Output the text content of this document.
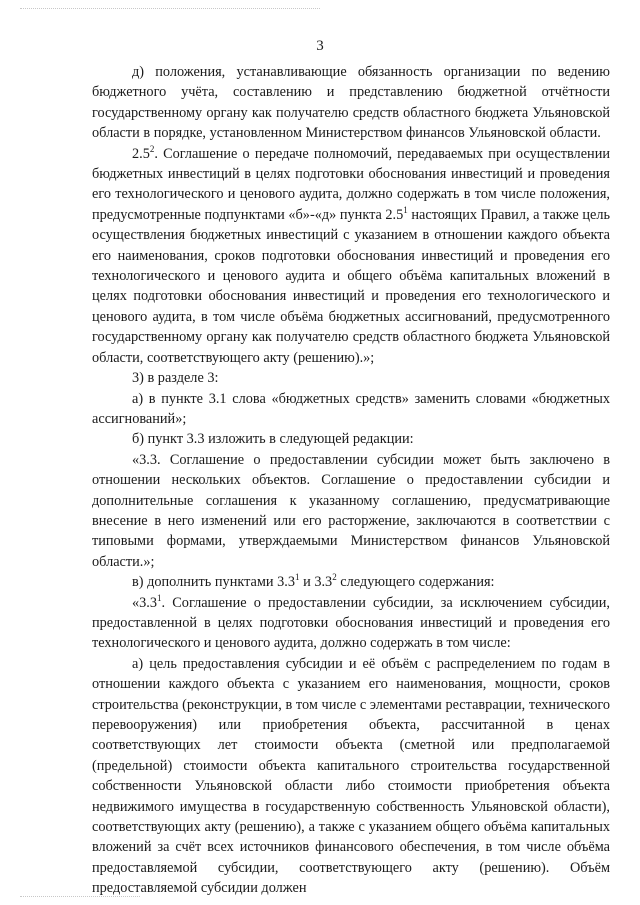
3

д) положения, устанавливающие обязанность организации по ведению бюджетного учёта, составлению и представлению бюджетной отчётности государственному органу как получателю средств областного бюджета Ульяновской области в порядке, установленном Министерством финансов Ульяновской области.

$2.5^2$. Соглашение о передаче полномочий, передаваемых при осуществлении бюджетных инвестиций в целях подготовки обоснования инвестиций и проведения его технологического и ценового аудита, должно содержать в том числе положения, предусмотренные подпунктами «б»-«д» пункта $2.5^1$ настоящих Правил, а также цель осуществления бюджетных инвестиций с указанием в отношении каждого объекта его наименования, сроков подготовки обоснования инвестиций и проведения его технологического и ценового аудита и общего объёма капитальных вложений в целях подготовки обоснования инвестиций и проведения его технологического и ценового аудита, в том числе объёма бюджетных ассигнований, предусмотренного государственному органу как получателю средств областного бюджета Ульяновской области, соответствующего акту (решению).»;

3) в разделе 3:

а) в пункте 3.1 слова «бюджетных средств» заменить словами «бюджетных ассигнований»;

б) пункт 3.3 изложить в следующей редакции:

«3.3. Соглашение о предоставлении субсидии может быть заключено в отношении нескольких объектов. Соглашение о предоставлении субсидии и дополнительные соглашения к указанному соглашению, предусматривающие внесение в него изменений или его расторжение, заключаются в соответствии с типовыми формами, утверждаемыми Министерством финансов Ульяновской области.»;

в) дополнить пунктами $3.3^1$ и $3.3^2$ следующего содержания:

«$3.3^1$. Соглашение о предоставлении субсидии, за исключением субсидии, предоставленной в целях подготовки обоснования инвестиций и проведения его технологического и ценового аудита, должно содержать в том числе:

а) цель предоставления субсидии и её объём с распределением по годам в отношении каждого объекта с указанием его наименования, мощности, сроков строительства (реконструкции, в том числе с элементами реставрации, технического перевооружения) или приобретения объекта, рассчитанной в ценах соответствующих лет стоимости объекта (сметной или предполагаемой (предельной) стоимости объекта капитального строительства государственной собственности Ульяновской области либо стоимости приобретения объекта недвижимого имущества в государственную собственность Ульяновской области), соответствующих акту (решению), а также с указанием общего объёма капитальных вложений за счёт всех источников финансового обеспечения, в том числе объёма предоставляемой субсидии, соответствующего акту (решению). Объём предоставляемой субсидии должен
